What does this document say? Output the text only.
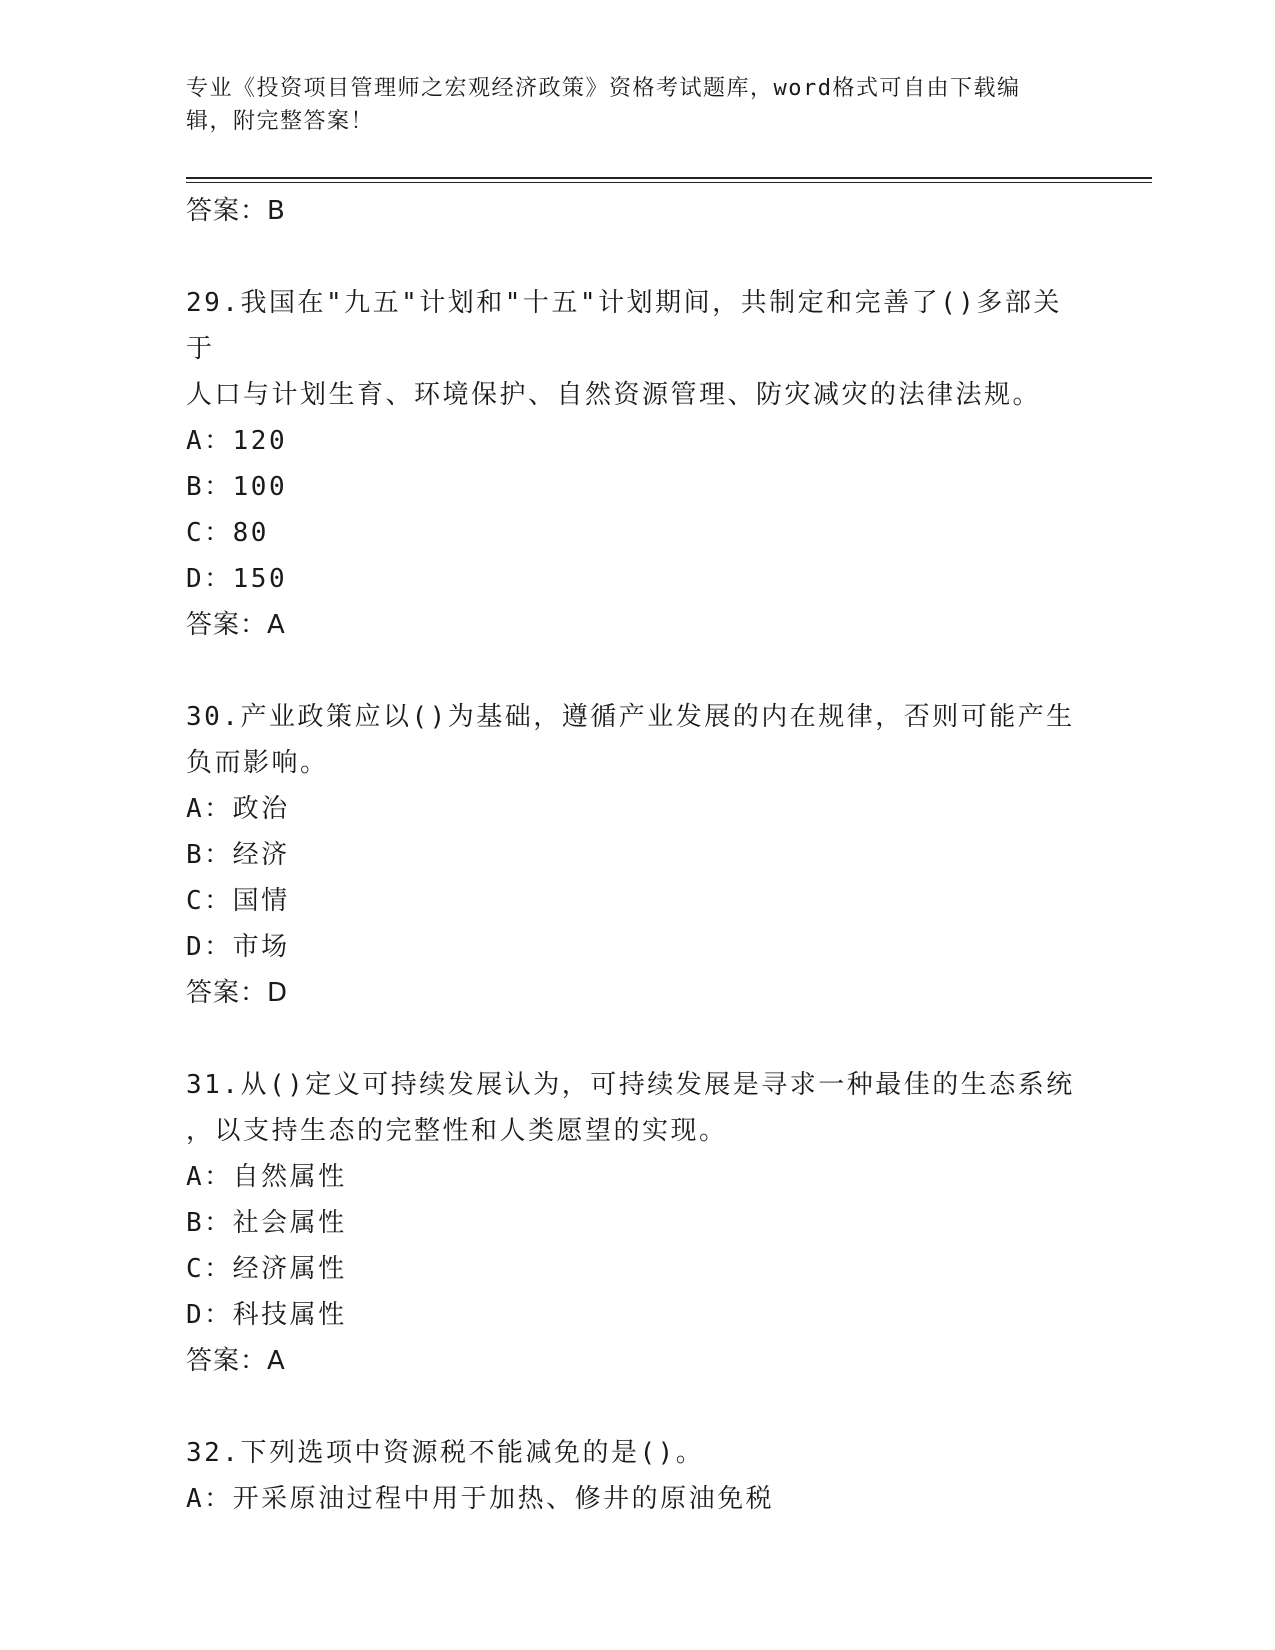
专业《投资项目管理师之宏观经济政策》资格考试题库，word格式可自由下载编
辑，附完整答案！
答案：B
29.我国在"九五"计划和"十五"计划期间，共制定和完善了()多部关于
人口与计划生育、环境保护、自然资源管理、防灾减灾的法律法规。
A：120
B：100
C：80
D：150
答案：A
30.产业政策应以()为基础，遵循产业发展的内在规律，否则可能产生
负而影响。
A：政治
B：经济
C：国情
D：市场
答案：D
31.从()定义可持续发展认为，可持续发展是寻求一种最佳的生态系统
，以支持生态的完整性和人类愿望的实现。
A：自然属性
B：社会属性
C：经济属性
D：科技属性
答案：A
32.下列选项中资源税不能减免的是()。
A：开采原油过程中用于加热、修井的原油免税
